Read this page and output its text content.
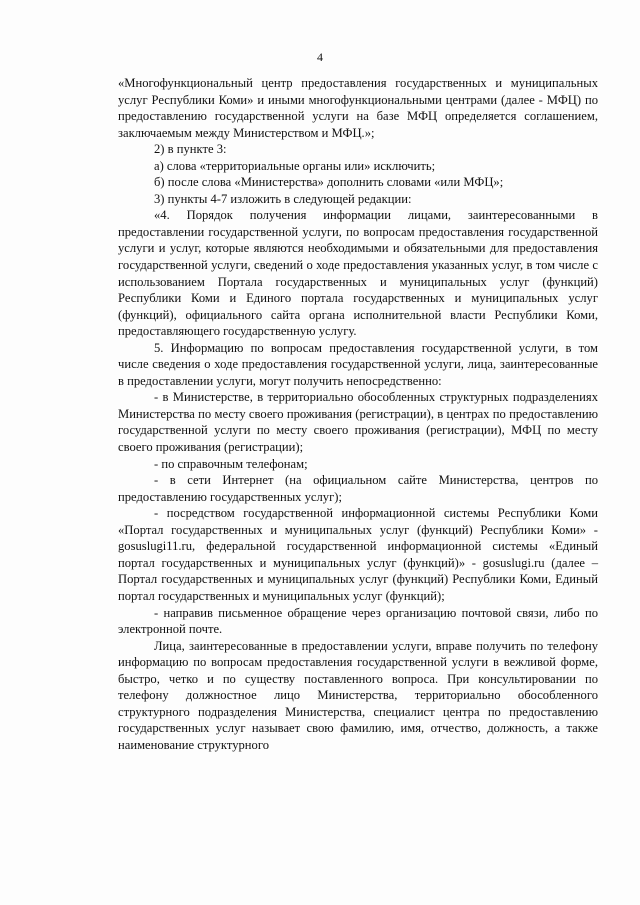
4

«Многофункциональный центр предоставления государственных и муниципальных услуг Республики Коми» и иными многофункциональными центрами (далее - МФЦ) по предоставлению государственной услуги на базе МФЦ определяется соглашением, заключаемым между Министерством и МФЦ.»;

2) в пункте 3:

а) слова «территориальные органы или» исключить;

б) после слова «Министерства» дополнить словами «или МФЦ»;

3) пункты 4-7 изложить в следующей редакции:

«4. Порядок получения информации лицами, заинтересованными в предоставлении государственной услуги, по вопросам предоставления государственной услуги и услуг, которые являются необходимыми и обязательными для предоставления государственной услуги, сведений о ходе предоставления указанных услуг, в том числе с использованием Портала государственных и муниципальных услуг (функций) Республики Коми и Единого портала государственных и муниципальных услуг (функций), официального сайта органа исполнительной власти Республики Коми, предоставляющего государственную услугу.

5. Информацию по вопросам предоставления государственной услуги, в том числе сведения о ходе предоставления государственной услуги, лица, заинтересованные в предоставлении услуги, могут получить непосредственно:

- в Министерстве, в территориально обособленных структурных подразделениях Министерства по месту своего проживания (регистрации), в центрах по предоставлению государственной услуги по месту своего проживания (регистрации), МФЦ по месту своего проживания (регистрации);

- по справочным телефонам;

- в сети Интернет (на официальном сайте Министерства, центров по предоставлению государственных услуг);

- посредством государственной информационной системы Республики Коми «Портал государственных и муниципальных услуг (функций) Республики Коми» - gosuslugi11.ru, федеральной государственной информационной системы «Единый портал государственных и муниципальных услуг (функций)» - gosuslugi.ru (далее – Портал государственных и муниципальных услуг (функций) Республики Коми, Единый портал государственных и муниципальных услуг (функций);

- направив письменное обращение через организацию почтовой связи, либо по электронной почте.

Лица, заинтересованные в предоставлении услуги, вправе получить по телефону информацию по вопросам предоставления государственной услуги в вежливой форме, быстро, четко и по существу поставленного вопроса. При консультировании по телефону должностное лицо Министерства, территориально обособленного структурного подразделения Министерства, специалист центра по предоставлению государственных услуг называет свою фамилию, имя, отчество, должность, а также наименование структурного
